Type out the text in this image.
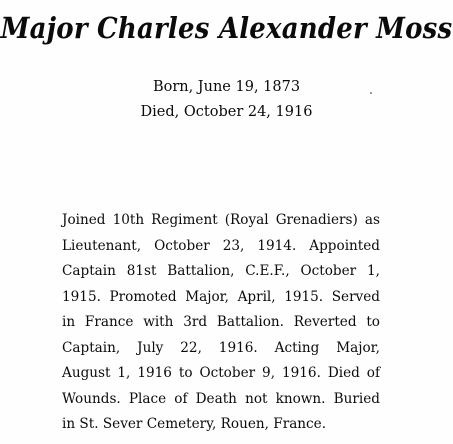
Major Charles Alexander Moss
Born, June 19, 1873
Died, October 24, 1916
Joined 10th Regiment (Royal Grenadiers) as
Lieutenant, October 23, 1914. Appointed
Captain 81st Battalion, C.E.F., October 1,
1915. Promoted Major, April, 1915. Served
in France with 3rd Battalion. Reverted to
Captain, July 22, 1916. Acting Major,
August 1, 1916 to October 9, 1916. Died of
Wounds. Place of Death not known. Buried
in St. Sever Cemetery, Rouen, France.
